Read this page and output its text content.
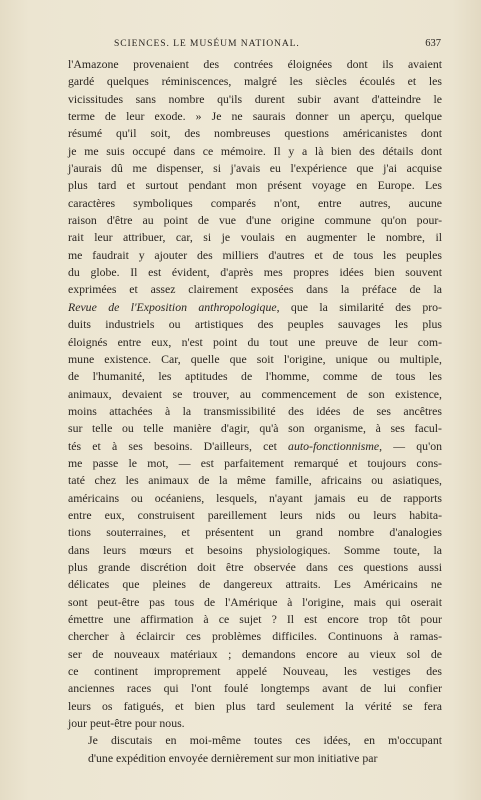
SCIENCES. LE MUSÉUM NATIONAL.	637

l'Amazone provenaient des contrées éloignées dont ils avaient
gardé quelques réminiscences, malgré les siècles écoulés et les
vicissitudes sans nombre qu'ils durent subir avant d'atteindre le
terme de leur exode. » Je ne saurais donner un aperçu, quelque
résumé qu'il soit, des nombreuses questions américanistes dont
je me suis occupé dans ce mémoire. Il y a là bien des détails dont
j'aurais dû me dispenser, si j'avais eu l'expérience que j'ai acquise
plus tard et surtout pendant mon présent voyage en Europe. Les
caractères symboliques comparés n'ont, entre autres, aucune
raison d'être au point de vue d'une origine commune qu'on pour-
rait leur attribuer, car, si je voulais en augmenter le nombre, il
me faudrait y ajouter des milliers d'autres et de tous les peuples
du globe. Il est évident, d'après mes propres idées bien souvent
exprimées et assez clairement exposées dans la préface de la
Revue de l'Exposition anthropologique, que la similarité des pro-
duits industriels ou artistiques des peuples sauvages les plus
éloignés entre eux, n'est point du tout une preuve de leur com-
mune existence. Car, quelle que soit l'origine, unique ou multiple,
de l'humanité, les aptitudes de l'homme, comme de tous les
animaux, devaient se trouver, au commencement de son existence,
moins attachées à la transmissibilité des idées de ses ancêtres
sur telle ou telle manière d'agir, qu'à son organisme, à ses facul-
tés et à ses besoins. D'ailleurs, cet auto-fonctionnisme, — qu'on
me passe le mot, — est parfaitement remarqué et toujours cons-
taté chez les animaux de la même famille, africains ou asiatiques,
américains ou océaniens, lesquels, n'ayant jamais eu de rapports
entre eux, construisent pareillement leurs nids ou leurs habita-
tions souterraines, et présentent un grand nombre d'analogies
dans leurs mœurs et besoins physiologiques. Somme toute, la
plus grande discrétion doit être observée dans ces questions aussi
délicates que pleines de dangereux attraits. Les Américains ne
sont peut-être pas tous de l'Amérique à l'origine, mais qui oserait
émettre une affirmation à ce sujet ? Il est encore trop tôt pour
chercher à éclaircir ces problèmes difficiles. Continuons à ramas-
ser de nouveaux matériaux ; demandons encore au vieux sol de
ce continent improprement appelé Nouveau, les vestiges des
anciennes races qui l'ont foulé longtemps avant de lui confier
leurs os fatigués, et bien plus tard seulement la vérité se fera
jour peut-être pour nous.

Je discutais en moi-même toutes ces idées, en m'occupant
d'une expédition envoyée dernièrement sur mon initiative par
